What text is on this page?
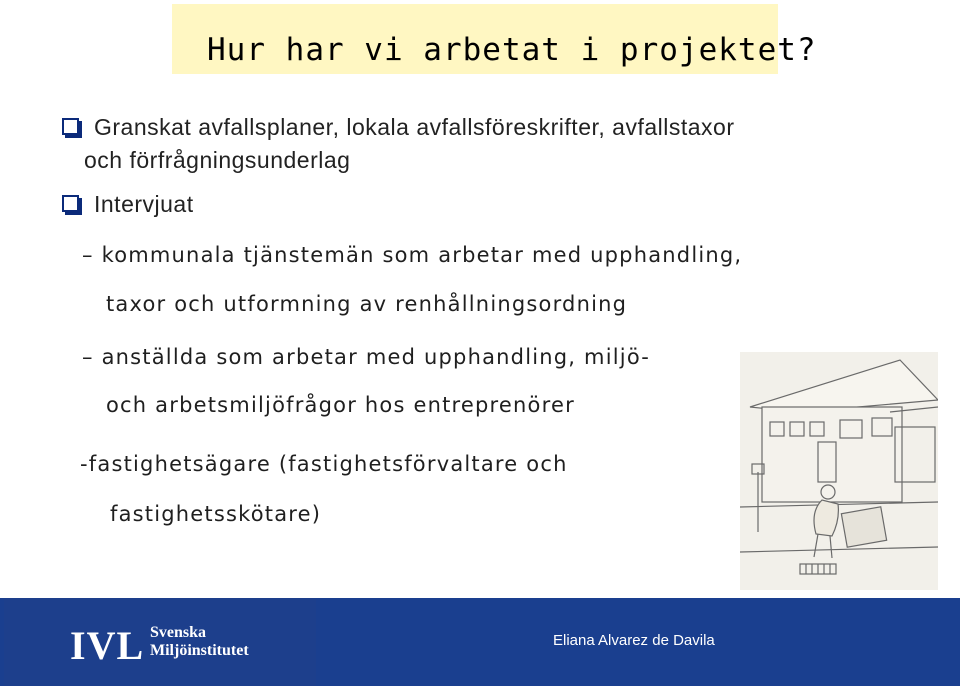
Hur har vi arbetat i projektet?
Granskat avfallsplaner, lokala avfallsföreskrifter, avfallstaxor
och förfrågningsunderlag
Intervjuat
– kommunala tjänstemän som arbetar med upphandling,
taxor och utformning av renhållningsordning
– anställda som arbetar med upphandling, miljö-
och arbetsmiljöfrågor hos entreprenörer
-fastighetsägare (fastighetsförvaltare och
fastighetsskötare)
IVL Svenska
Miljöinstitutet
Eliana Alvarez de Davila
